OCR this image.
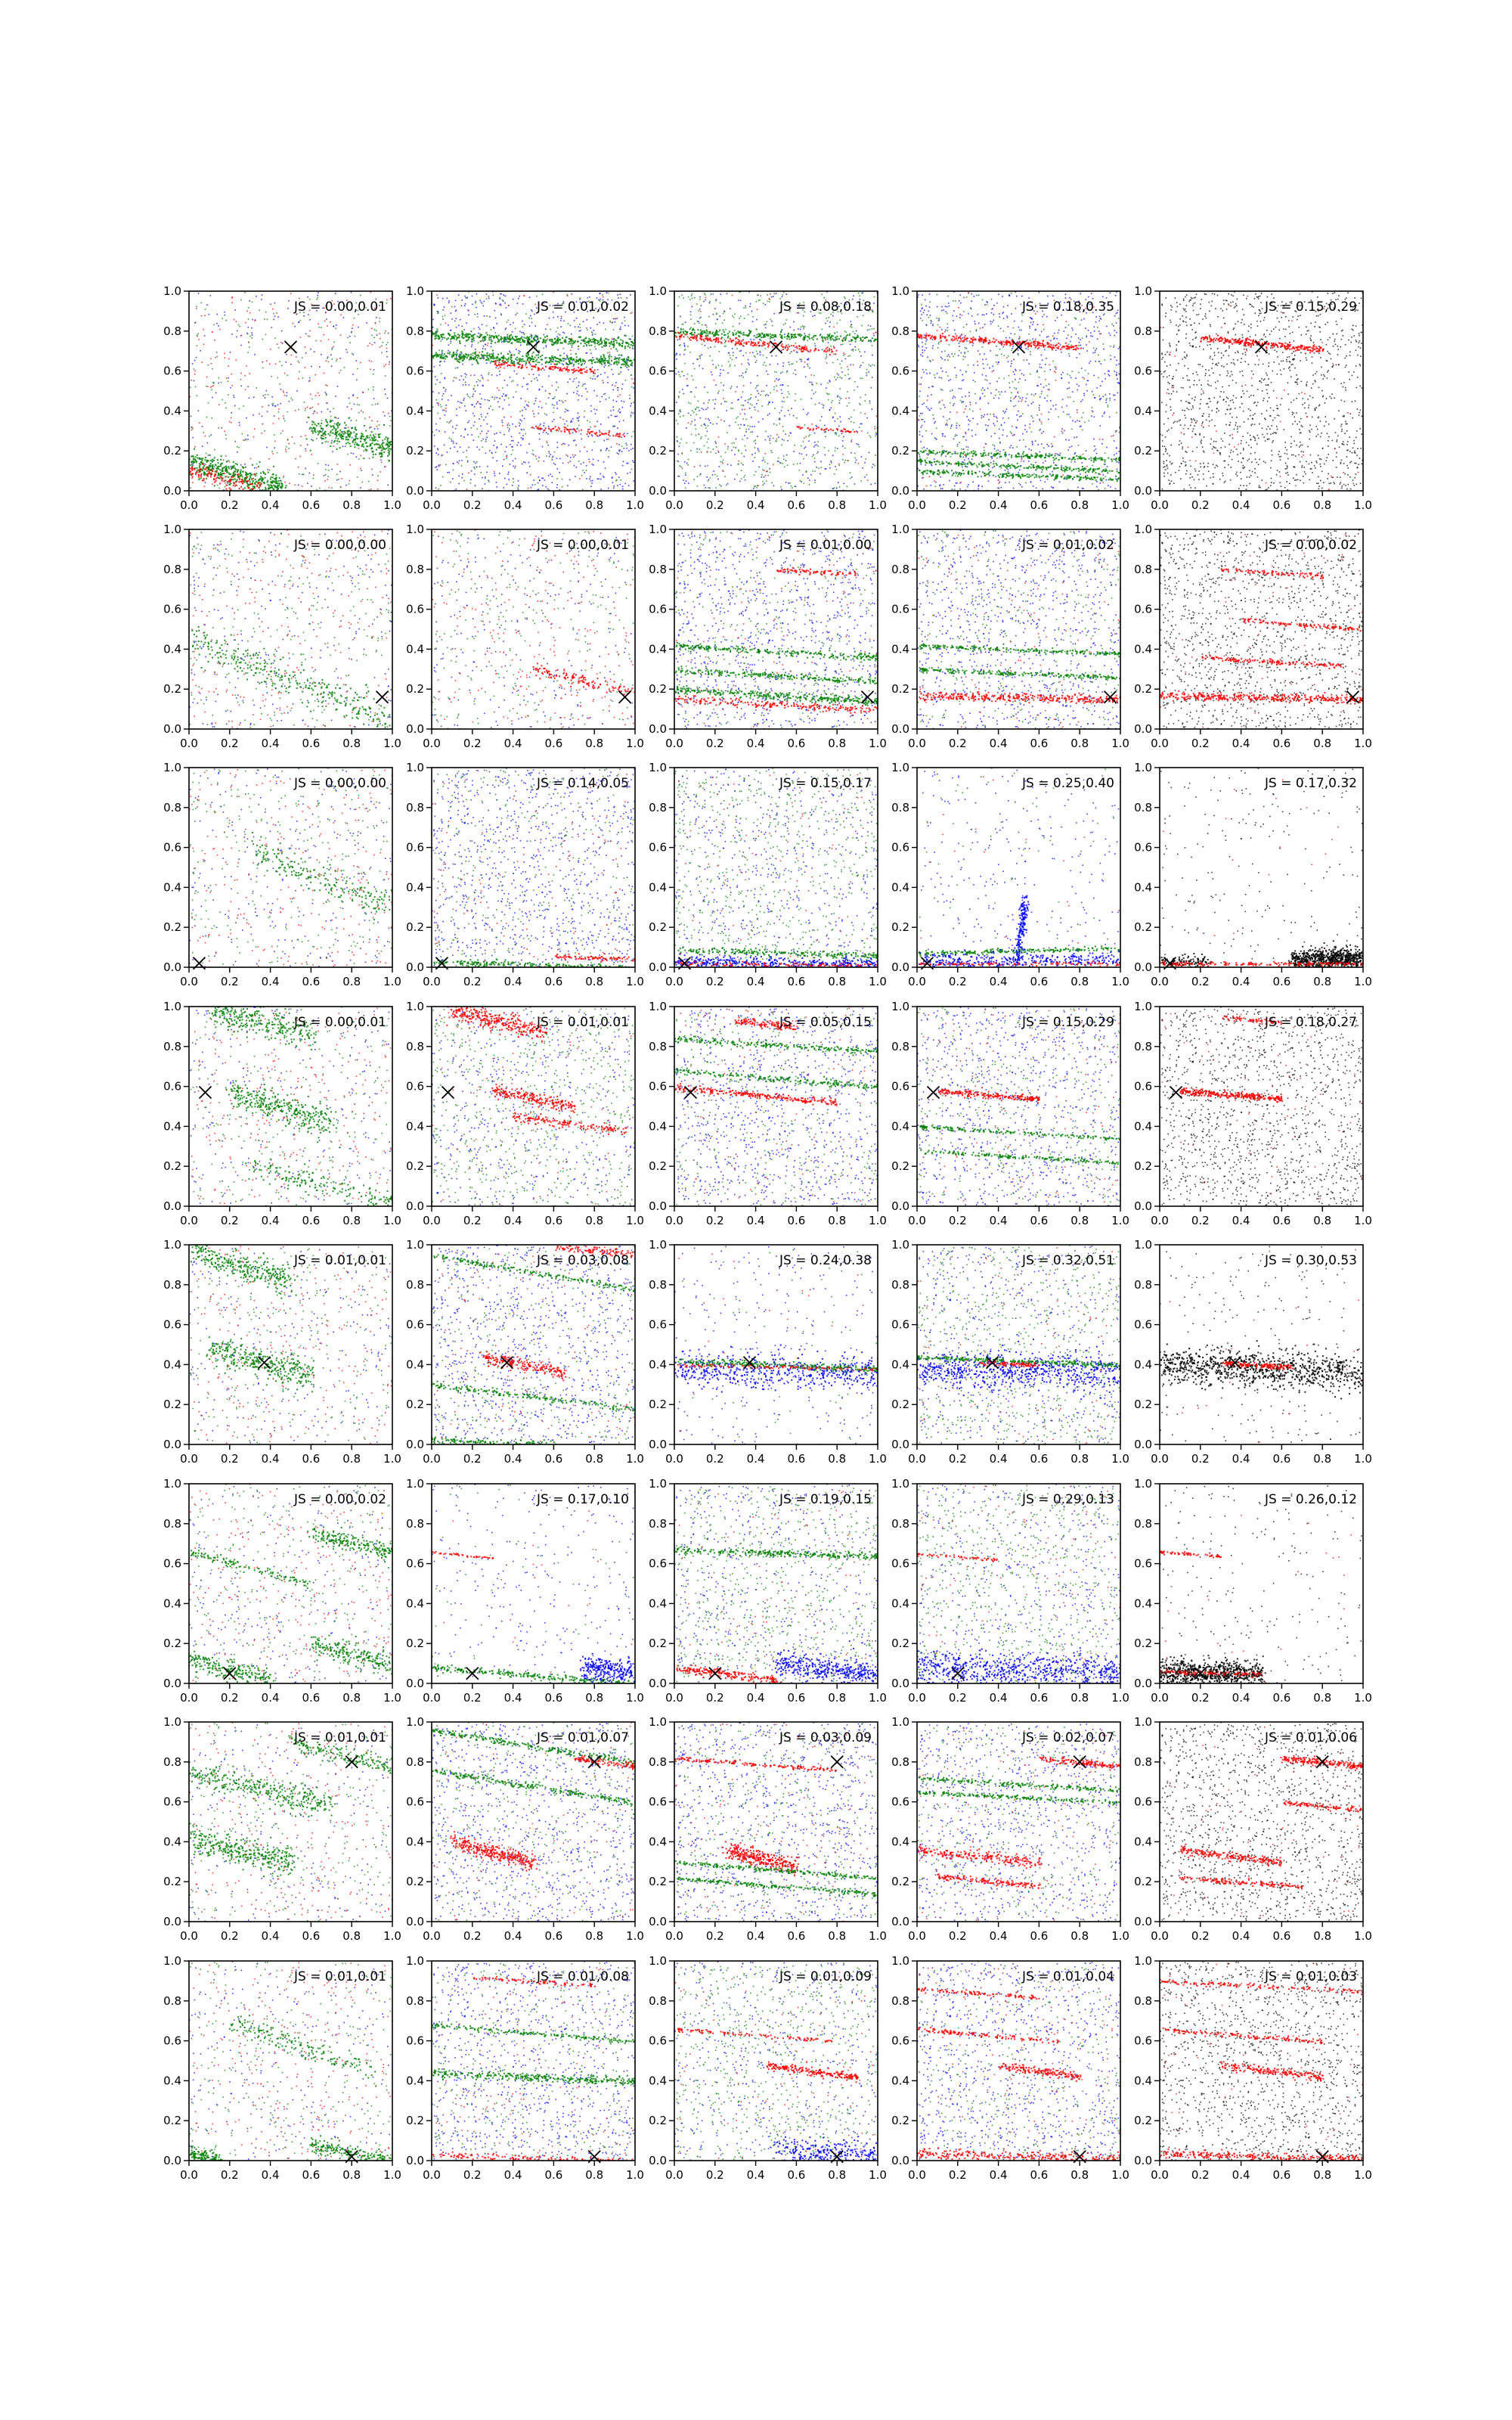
0.0 0.2 0.4 0.6 0.8 1.0
0.0
0.2
0.4
0.6
0.8
1.0
JS = 0.00,0.01
0.0 0.2 0.4 0.6 0.8 1.0
0.0
0.2
0.4
0.6
0.8
1.0
JS = 0.01,0.02
0.0 0.2 0.4 0.6 0.8 1.0
0.0
0.2
0.4
0.6
0.8
1.0
JS = 0.08,0.18
0.0 0.2 0.4 0.6 0.8 1.0
0.0
0.2
0.4
0.6
0.8
1.0
JS = 0.18,0.35
0.0 0.2 0.4 0.6 0.8 1.0
0.0
0.2
0.4
0.6
0.8
1.0
JS = 0.15,0.29
0.0 0.2 0.4 0.6 0.8 1.0
0.0
0.2
0.4
0.6
0.8
1.0
JS = 0.00,0.00
0.0 0.2 0.4 0.6 0.8 1.0
0.0
0.2
0.4
0.6
0.8
1.0
JS = 0.00,0.01
0.0 0.2 0.4 0.6 0.8 1.0
0.0
0.2
0.4
0.6
0.8
1.0
JS = 0.01,0.00
0.0 0.2 0.4 0.6 0.8 1.0
0.0
0.2
0.4
0.6
0.8
1.0
JS = 0.01,0.02
0.0 0.2 0.4 0.6 0.8 1.0
0.0
0.2
0.4
0.6
0.8
1.0
JS = 0.00,0.02
0.0 0.2 0.4 0.6 0.8 1.0
0.0
0.2
0.4
0.6
0.8
1.0
JS = 0.00,0.00
0.0 0.2 0.4 0.6 0.8 1.0
0.0
0.2
0.4
0.6
0.8
1.0
JS = 0.14,0.05
0.0 0.2 0.4 0.6 0.8 1.0
0.0
0.2
0.4
0.6
0.8
1.0
JS = 0.15,0.17
0.0 0.2 0.4 0.6 0.8 1.0
0.0
0.2
0.4
0.6
0.8
1.0
JS = 0.25,0.40
0.0 0.2 0.4 0.6 0.8 1.0
0.0
0.2
0.4
0.6
0.8
1.0
JS = 0.17,0.32
0.0 0.2 0.4 0.6 0.8 1.0
0.0
0.2
0.4
0.6
0.8
1.0
JS = 0.00,0.01
0.0 0.2 0.4 0.6 0.8 1.0
0.0
0.2
0.4
0.6
0.8
1.0
JS = 0.01,0.01
0.0 0.2 0.4 0.6 0.8 1.0
0.0
0.2
0.4
0.6
0.8
1.0
JS = 0.05,0.15
0.0 0.2 0.4 0.6 0.8 1.0
0.0
0.2
0.4
0.6
0.8
1.0
JS = 0.15,0.29
0.0 0.2 0.4 0.6 0.8 1.0
0.0
0.2
0.4
0.6
0.8
1.0
JS = 0.18,0.27
0.0 0.2 0.4 0.6 0.8 1.0
0.0
0.2
0.4
0.6
0.8
1.0
JS = 0.01,0.01
0.0 0.2 0.4 0.6 0.8 1.0
0.0
0.2
0.4
0.6
0.8
1.0
JS = 0.03,0.08
0.0 0.2 0.4 0.6 0.8 1.0
0.0
0.2
0.4
0.6
0.8
1.0
JS = 0.24,0.38
0.0 0.2 0.4 0.6 0.8 1.0
0.0
0.2
0.4
0.6
0.8
1.0
JS = 0.32,0.51
0.0 0.2 0.4 0.6 0.8 1.0
0.0
0.2
0.4
0.6
0.8
1.0
JS = 0.30,0.53
0.0 0.2 0.4 0.6 0.8 1.0
0.0
0.2
0.4
0.6
0.8
1.0
JS = 0.00,0.02
0.0 0.2 0.4 0.6 0.8 1.0
0.0
0.2
0.4
0.6
0.8
1.0
JS = 0.17,0.10
0.0 0.2 0.4 0.6 0.8 1.0
0.0
0.2
0.4
0.6
0.8
1.0
JS = 0.19,0.15
0.0 0.2 0.4 0.6 0.8 1.0
0.0
0.2
0.4
0.6
0.8
1.0
JS = 0.29,0.13
0.0 0.2 0.4 0.6 0.8 1.0
0.0
0.2
0.4
0.6
0.8
1.0
JS = 0.26,0.12
0.0 0.2 0.4 0.6 0.8 1.0
0.0
0.2
0.4
0.6
0.8
1.0
JS = 0.01,0.01
0.0 0.2 0.4 0.6 0.8 1.0
0.0
0.2
0.4
0.6
0.8
1.0
JS = 0.01,0.07
0.0 0.2 0.4 0.6 0.8 1.0
0.0
0.2
0.4
0.6
0.8
1.0
JS = 0.03,0.09
0.0 0.2 0.4 0.6 0.8 1.0
0.0
0.2
0.4
0.6
0.8
1.0
JS = 0.02,0.07
0.0 0.2 0.4 0.6 0.8 1.0
0.0
0.2
0.4
0.6
0.8
1.0
JS = 0.01,0.06
0.0 0.2 0.4 0.6 0.8 1.0
0.0
0.2
0.4
0.6
0.8
1.0
JS = 0.01,0.01
0.0 0.2 0.4 0.6 0.8 1.0
0.0
0.2
0.4
0.6
0.8
1.0
JS = 0.01,0.08
0.0 0.2 0.4 0.6 0.8 1.0
0.0
0.2
0.4
0.6
0.8
1.0
JS = 0.01,0.09
0.0 0.2 0.4 0.6 0.8 1.0
0.0
0.2
0.4
0.6
0.8
1.0
JS = 0.01,0.04
0.0 0.2 0.4 0.6 0.8 1.0
0.0
0.2
0.4
0.6
0.8
1.0
JS = 0.01,0.03
